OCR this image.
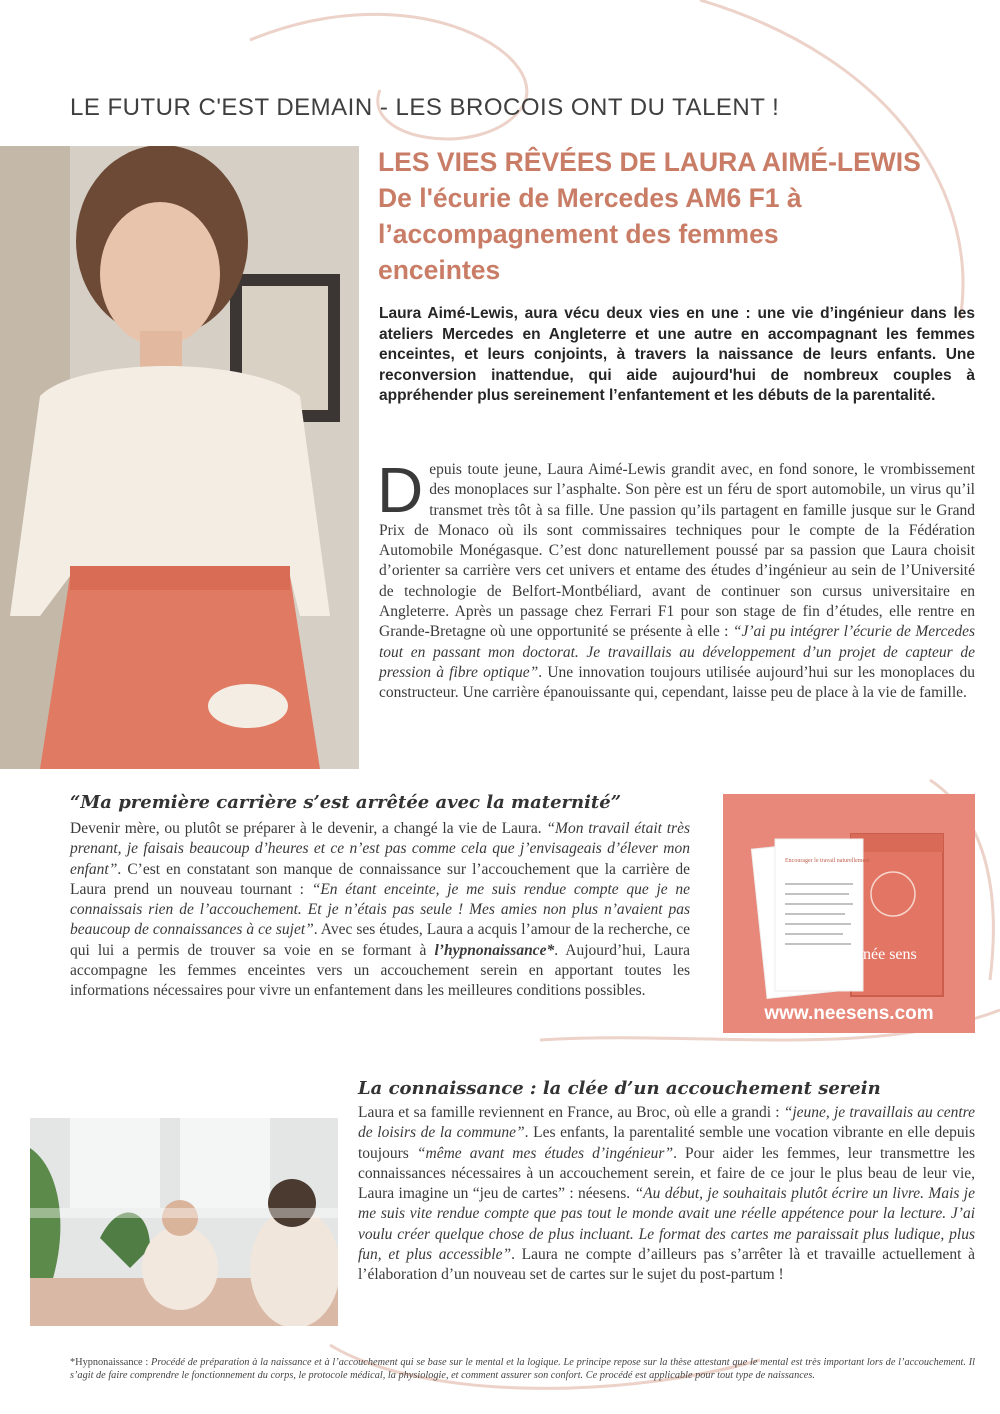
LE FUTUR C'EST DEMAIN - LES BROCOIS ONT DU TALENT !
LES VIES RÊVÉES DE LAURA AIMÉ-LEWIS
De l'écurie de Mercedes AM6 F1 à
l’accompagnement des femmes
enceintes

Laura Aimé-Lewis, aura vécu deux vies en une : une vie d’ingénieur dans les ateliers Mercedes en Angleterre et une autre en accompagnant les femmes enceintes, et leurs conjoints, à travers la naissance de leurs enfants. Une reconversion inattendue, qui aide aujourd'hui de nombreux couples à appréhender plus sereinement l’enfantement et les débuts de la parentalité.

Depuis toute jeune, Laura Aimé-Lewis grandit avec, en fond sonore, le vrombissement des monoplaces sur l’asphalte. Son père est un féru de sport automobile, un virus qu’il transmet très tôt à sa fille. Une passion qu’ils partagent en famille jusque sur le Grand Prix de Monaco où ils sont commissaires techniques pour le compte de la Fédération Automobile Monégasque. C’est donc naturellement poussé par sa passion que Laura choisit d’orienter sa carrière vers cet univers et entame des études d’ingénieur au sein de l’Université de technologie de Belfort-Montbéliard, avant de continuer son cursus universitaire en Angleterre. Après un passage chez Ferrari F1 pour son stage de fin d’études, elle rentre en Grande-Bretagne où une opportunité se présente à elle : “J’ai pu intégrer l’écurie de Mercedes tout en passant mon doctorat. Je travaillais au développement d’un projet de capteur de pression à fibre optique”. Une innovation toujours utilisée aujourd’hui sur les monoplaces du constructeur. Une carrière épanouissante qui, cependant, laisse peu de place à la vie de famille.

“Ma première carrière s’est arrêtée avec la maternité”

Devenir mère, ou plutôt se préparer à le devenir, a changé la vie de Laura. “Mon travail était très prenant, je faisais beaucoup d’heures et ce n’est pas comme cela que j’envisageais d’élever mon enfant”. C’est en constatant son manque de connaissance sur l’accouchement que la carrière de Laura prend un nouveau tournant : “En étant enceinte, je me suis rendue compte que je ne connaissais rien de l’accouchement. Et je n’étais pas seule ! Mes amies non plus n’avaient pas beaucoup de connaissances à ce sujet”. Avec ses études, Laura a acquis l’amour de la recherche, ce qui lui a permis de trouver sa voie en se formant à l’hypnonaissance*. Aujourd’hui, Laura accompagne les femmes enceintes vers un accouchement serein en apportant toutes les informations nécessaires pour vivre un enfantement dans les meilleures conditions possibles.

Encourager le travail naturellement
née sens
www.neesens.com
La connaissance : la clée d’un accouchement serein

Laura et sa famille reviennent en France, au Broc, où elle a grandi : “jeune, je travaillais au centre de loisirs de la commune”. Les enfants, la parentalité semble une vocation vibrante en elle depuis toujours “même avant mes études d’ingénieur”. Pour aider les femmes, leur transmettre les connaissances nécessaires à un accouchement serein, et faire de ce jour le plus beau de leur vie, Laura imagine un “jeu de cartes” : néesens. “Au début, je souhaitais plutôt écrire un livre. Mais je me suis vite rendue compte que pas tout le monde avait une réelle appétence pour la lecture. J’ai voulu créer quelque chose de plus incluant. Le format des cartes me paraissait plus ludique, plus fun, et plus accessible”. Laura ne compte d’ailleurs pas s’arrêter là et travaille actuellement à l’élaboration d’un nouveau set de cartes sur le sujet du post-partum !

*Hypnonaissance : Procédé de préparation à la naissance et à l’accouchement qui se base sur le mental et la logique. Le principe repose sur la thèse attestant que le mental est très important lors de l’accouchement. Il s’agit de faire comprendre le fonctionnement du corps, le protocole médical, la physiologie, et comment assurer son confort. Ce procédé est applicable pour tout type de naissances.
